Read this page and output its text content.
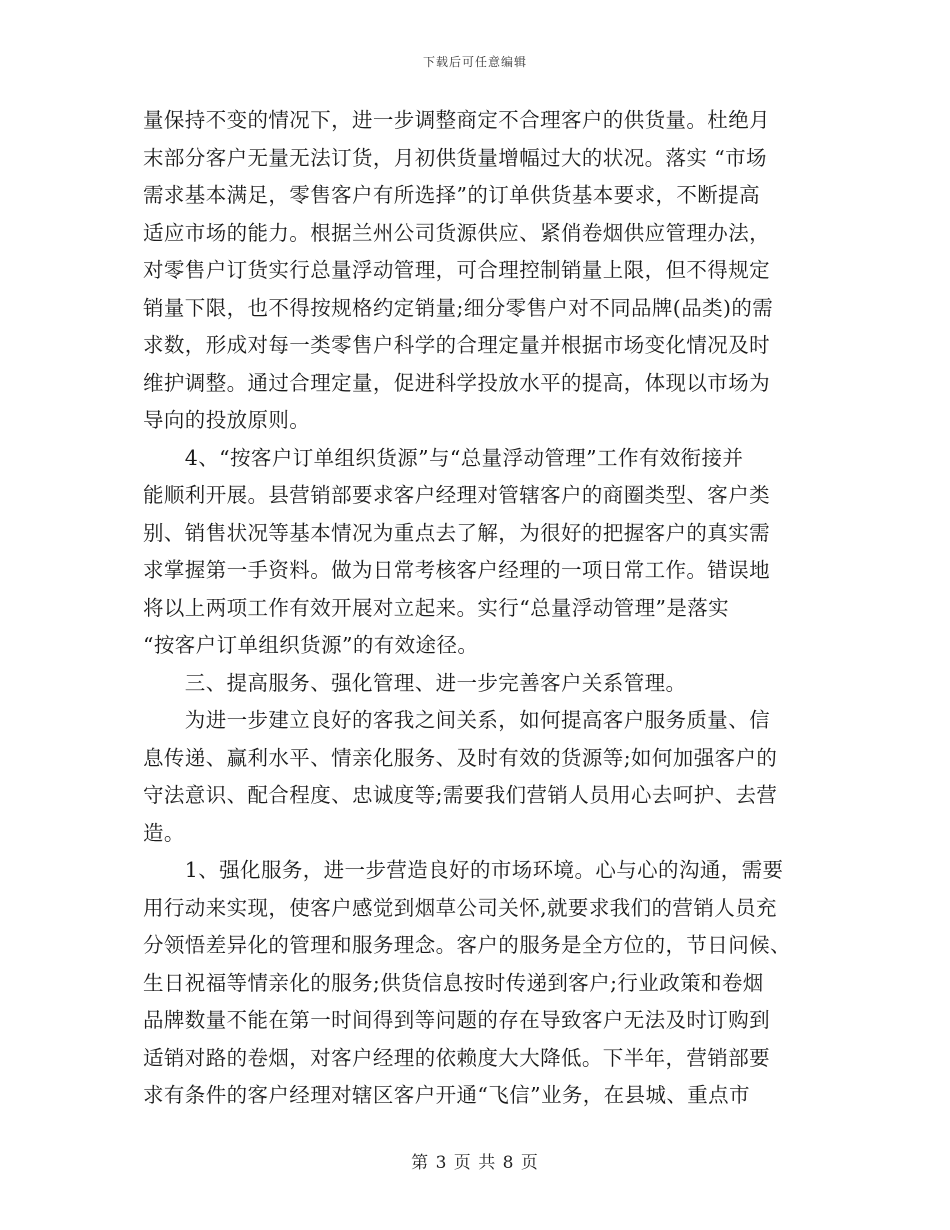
下载后可任意编辑
量保持不变的情况下，进一步调整商定不合理客户的供货量。杜绝月
末部分客户无量无法订货，月初供货量增幅过大的状况。落实 “市场
需求基本满足，零售客户有所选择”的订单供货基本要求，不断提高
适应市场的能力。根据兰州公司货源供应、紧俏卷烟供应管理办法，
对零售户订货实行总量浮动管理，可合理控制销量上限，但不得规定
销量下限，也不得按规格约定销量;细分零售户对不同品牌(品类)的需
求数，形成对每一类零售户科学的合理定量并根据市场变化情况及时
维护调整。通过合理定量，促进科学投放水平的提高，体现以市场为
导向的投放原则。
　　4、“按客户订单组织货源”与“总量浮动管理”工作有效衔接并
能顺利开展。县营销部要求客户经理对管辖客户的商圈类型、客户类
别、销售状况等基本情况为重点去了解，为很好的把握客户的真实需
求掌握第一手资料。做为日常考核客户经理的一项日常工作。错误地
将以上两项工作有效开展对立起来。实行“总量浮动管理”是落实
“按客户订单组织货源”的有效途径。
　　三、提高服务、强化管理、进一步完善客户关系管理。
　　为进一步建立良好的客我之间关系，如何提高客户服务质量、信
息传递、赢利水平、情亲化服务、及时有效的货源等;如何加强客户的
守法意识、配合程度、忠诚度等;需要我们营销人员用心去呵护、去营
造。
　　1、强化服务，进一步营造良好的市场环境。心与心的沟通，需要
用行动来实现，使客户感觉到烟草公司关怀,就要求我们的营销人员充
分领悟差异化的管理和服务理念。客户的服务是全方位的，节日问候、
生日祝福等情亲化的服务;供货信息按时传递到客户;行业政策和卷烟
品牌数量不能在第一时间得到等问题的存在导致客户无法及时订购到
适销对路的卷烟，对客户经理的依赖度大大降低。下半年，营销部要
求有条件的客户经理对辖区客户开通“飞信”业务，在县城、重点市
第 3 页 共 8 页
